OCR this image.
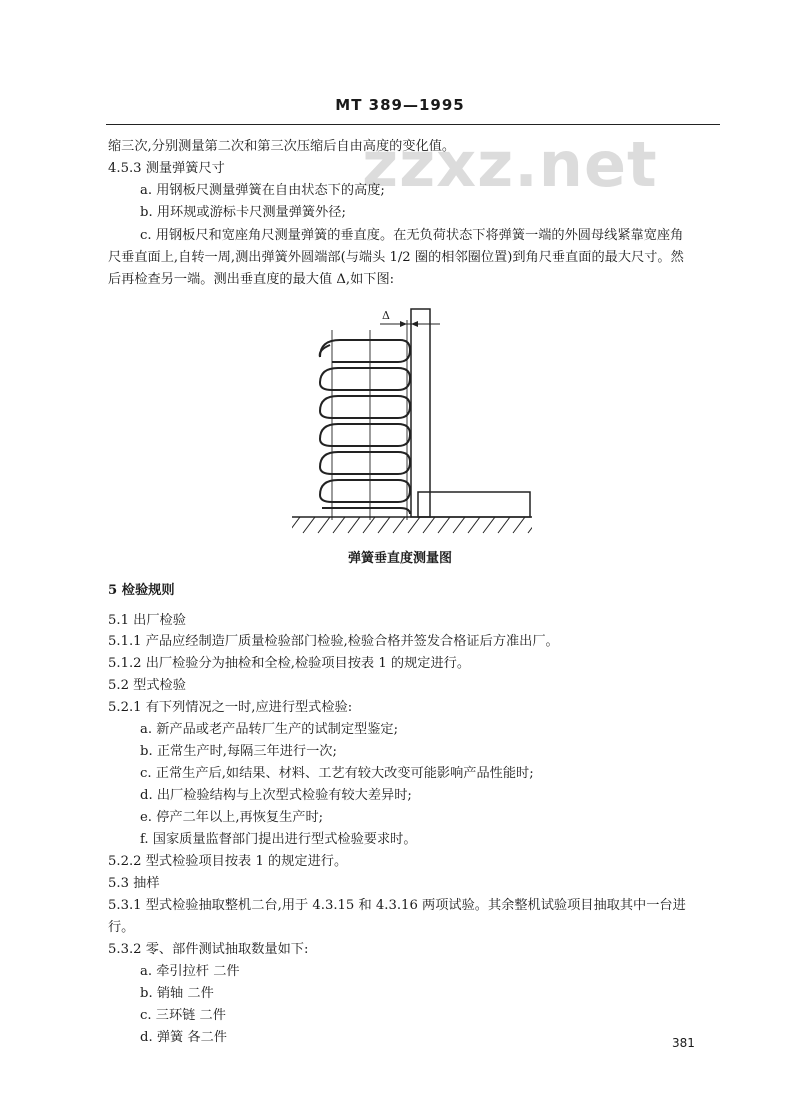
zzxz.net
MT 389—1995
缩三次,分别测量第二次和第三次压缩后自由高度的变化值。
4.5.3 测量弹簧尺寸
a. 用钢板尺测量弹簧在自由状态下的高度;
b. 用环规或游标卡尺测量弹簧外径;
c. 用钢板尺和宽座角尺测量弹簧的垂直度。在无负荷状态下将弹簧一端的外圆母线紧靠宽座角
尺垂直面上,自转一周,测出弹簧外圆端部(与端头 1/2 圈的相邻圈位置)到角尺垂直面的最大尺寸。然
后再检查另一端。测出垂直度的最大值 Δ,如下图:
Δ
弹簧垂直度测量图
5 检验规则
5.1 出厂检验
5.1.1 产品应经制造厂质量检验部门检验,检验合格并签发合格证后方准出厂。
5.1.2 出厂检验分为抽检和全检,检验项目按表 1 的规定进行。
5.2 型式检验
5.2.1 有下列情况之一时,应进行型式检验:
a. 新产品或老产品转厂生产的试制定型鉴定;
b. 正常生产时,每隔三年进行一次;
c. 正常生产后,如结果、材料、工艺有较大改变可能影响产品性能时;
d. 出厂检验结构与上次型式检验有较大差异时;
e. 停产二年以上,再恢复生产时;
f. 国家质量监督部门提出进行型式检验要求时。
5.2.2 型式检验项目按表 1 的规定进行。
5.3 抽样
5.3.1 型式检验抽取整机二台,用于 4.3.15 和 4.3.16 两项试验。其余整机试验项目抽取其中一台进
行。
5.3.2 零、部件测试抽取数量如下:
a. 牵引拉杆 二件
b. 销轴 二件
c. 三环链 二件
d. 弹簧 各二件	381
